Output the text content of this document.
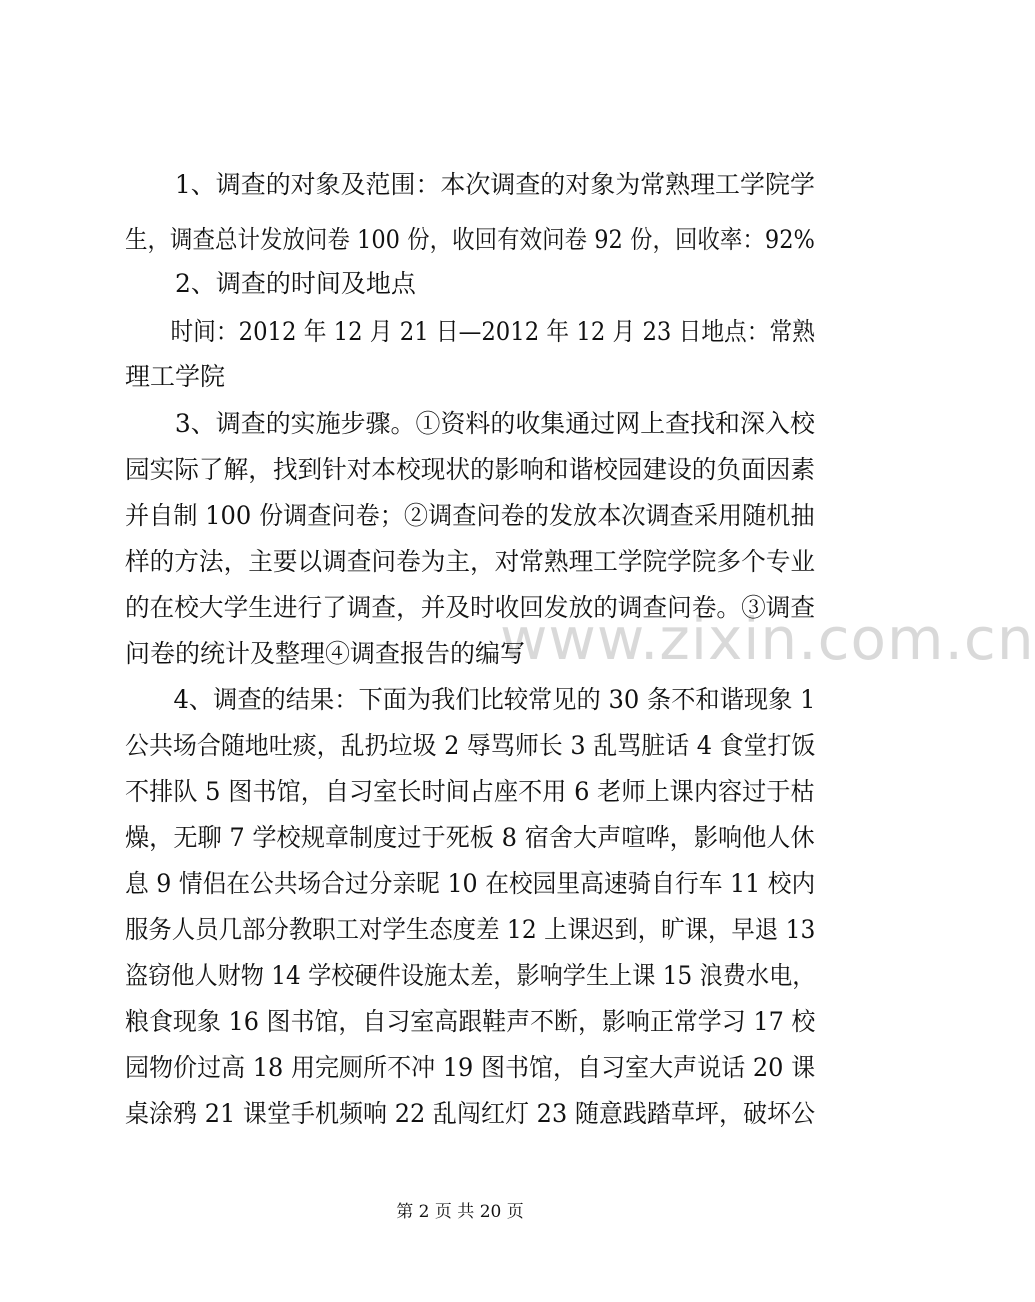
www.zixin.com.cn
　　1、调查的对象及范围：本次调查的对象为常熟理工学院学
生，调查总计发放问卷 100 份，收回有效问卷 92 份，回收率：92%
　　2、调查的时间及地点
　　时间：2012 年 12 月 21 日—2012 年 12 月 23 日地点：常熟
理工学院
　　3、调查的实施步骤。①资料的收集通过网上查找和深入校
园实际了解，找到针对本校现状的影响和谐校园建设的负面因素
并自制 100 份调查问卷；②调查问卷的发放本次调查采用随机抽
样的方法，主要以调查问卷为主，对常熟理工学院学院多个专业
的在校大学生进行了调查，并及时收回发放的调查问卷。③调查
问卷的统计及整理④调查报告的编写
　　4、调查的结果：下面为我们比较常见的 30 条不和谐现象 1
公共场合随地吐痰，乱扔垃圾 2 辱骂师长 3 乱骂脏话 4 食堂打饭
不排队 5 图书馆，自习室长时间占座不用 6 老师上课内容过于枯
燥，无聊 7 学校规章制度过于死板 8 宿舍大声喧哗，影响他人休
息 9 情侣在公共场合过分亲昵 10 在校园里高速骑自行车 11 校内
服务人员几部分教职工对学生态度差 12 上课迟到，旷课，早退 13
盗窃他人财物 14 学校硬件设施太差，影响学生上课 15 浪费水电，
粮食现象 16 图书馆，自习室高跟鞋声不断，影响正常学习 17 校
园物价过高 18 用完厕所不冲 19 图书馆，自习室大声说话 20 课
桌涂鸦 21 课堂手机频响 22 乱闯红灯 23 随意践踏草坪，破坏公
第 2 页 共 20 页
